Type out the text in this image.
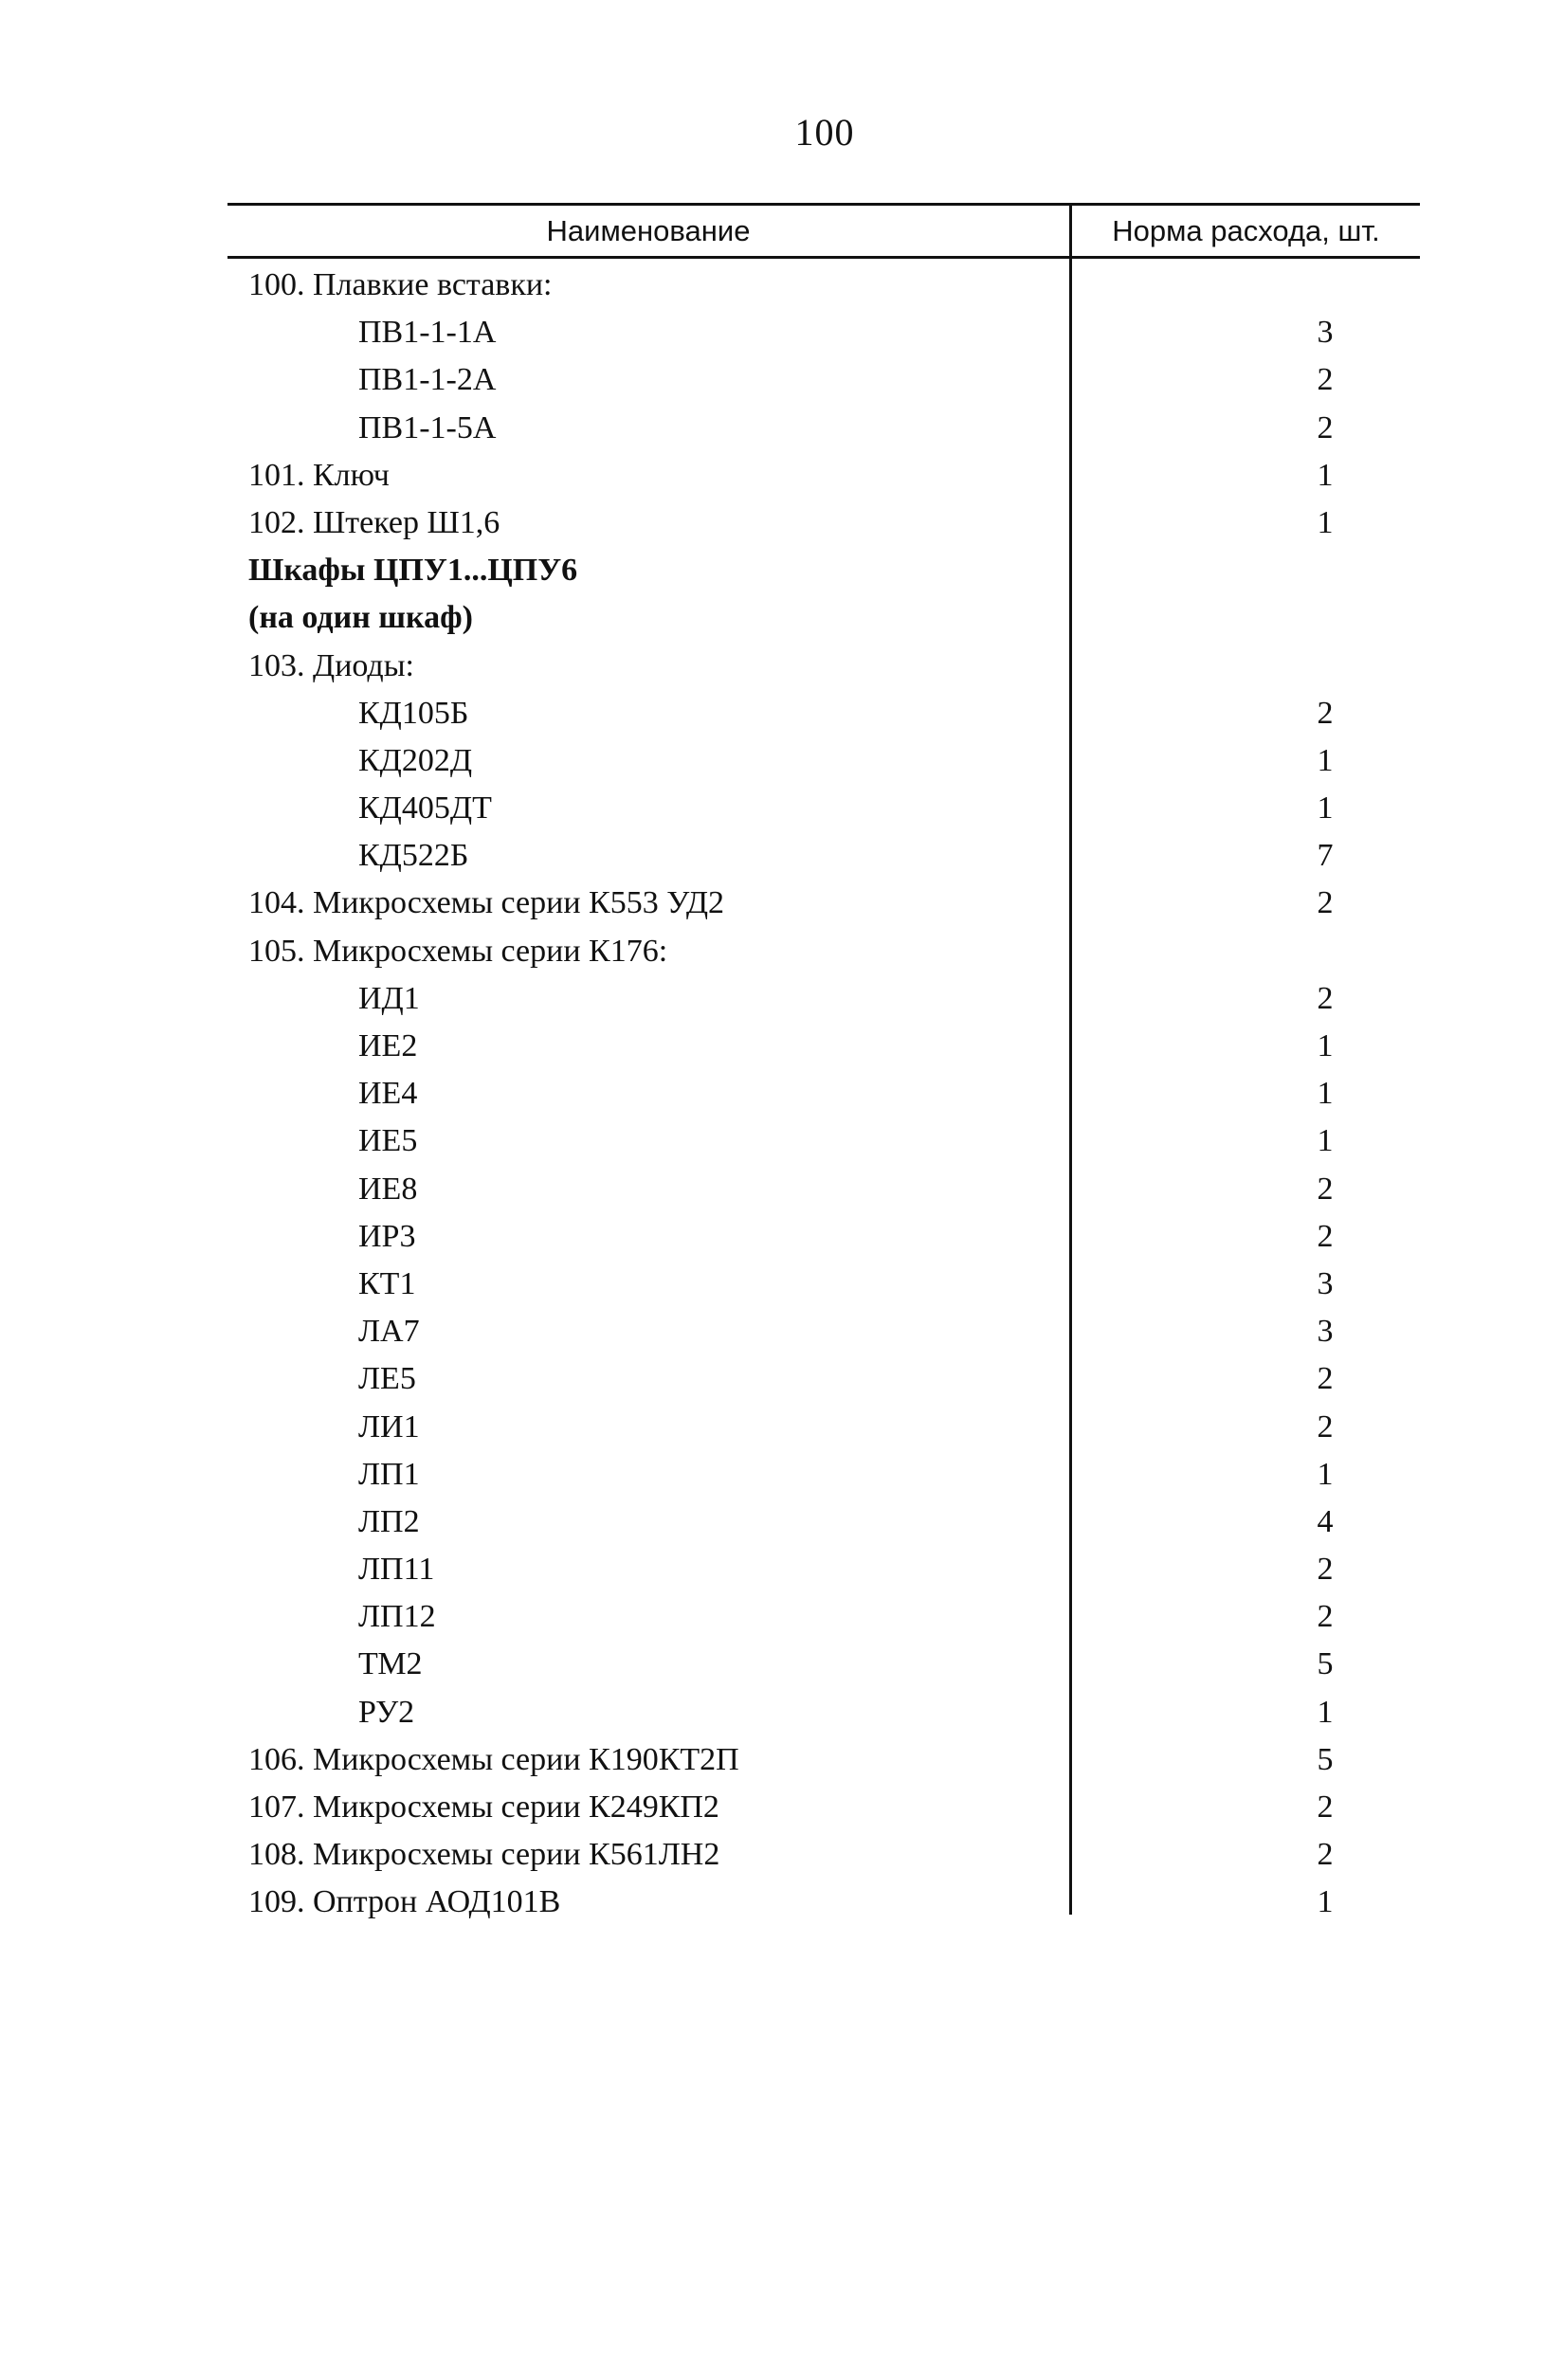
100
Наименование	Норма расхода, шт.
100. Плавкие вставки:
ПВ1-1-1А	3
ПВ1-1-2А	2
ПВ1-1-5А	2
101. Ключ	1
102. Штекер Ш1,6	1
Шкафы ЦПУ1...ЦПУ6
(на один шкаф)
103. Диоды:
КД105Б	2
КД202Д	1
КД405ДТ	1
КД522Б	7
104. Микросхемы серии К553 УД2	2
105. Микросхемы серии К176:
ИД1	2
ИЕ2	1
ИЕ4	1
ИЕ5	1
ИЕ8	2
ИР3	2
КТ1	3
ЛА7	3
ЛЕ5	2
ЛИ1	2
ЛП1	1
ЛП2	4
ЛП11	2
ЛП12	2
ТМ2	5
РУ2	1
106. Микросхемы серии К190КТ2П	5
107. Микросхемы серии К249КП2	2
108. Микросхемы серии К561ЛН2	2
109. Оптрон АОД101В	1
